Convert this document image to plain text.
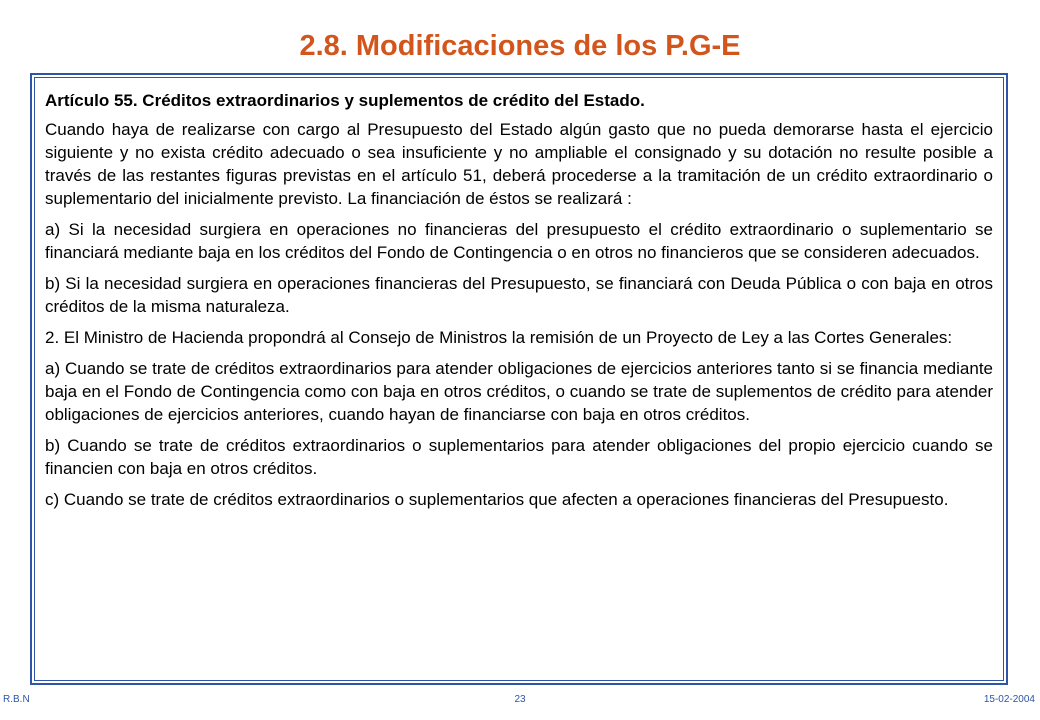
2.8. Modificaciones de los P.G-E

Artículo 55. Créditos extraordinarios y suplementos de crédito del Estado.

Cuando haya de realizarse con cargo al Presupuesto del Estado algún gasto que no pueda demorarse hasta el ejercicio siguiente y no exista crédito adecuado o sea insuficiente y no ampliable el consignado y su dotación no resulte posible a través de las restantes figuras previstas en el artículo 51, deberá procederse a la tramitación de un crédito extraordinario o suplementario del inicialmente previsto. La financiación de éstos se realizará :

a) Si la necesidad surgiera en operaciones no financieras del presupuesto el crédito extraordinario o suplementario se financiará mediante baja en los créditos del Fondo de Contingencia o en otros no financieros que se consideren adecuados.

b) Si la necesidad surgiera en operaciones financieras del Presupuesto, se financiará con Deuda Pública o con baja en otros créditos de la misma naturaleza.

2. El Ministro de Hacienda propondrá al Consejo de Ministros la remisión de un Proyecto de Ley a las Cortes Generales:

a) Cuando se trate de créditos extraordinarios para atender obligaciones de ejercicios anteriores tanto si se financia mediante baja en el Fondo de Contingencia como con baja en otros créditos, o cuando se trate de suplementos de crédito para atender obligaciones de ejercicios anteriores, cuando hayan de financiarse con baja en otros créditos.

b) Cuando se trate de créditos extraordinarios o suplementarios para atender obligaciones del propio ejercicio cuando se financien con baja en otros créditos.

c) Cuando se trate de créditos extraordinarios o suplementarios que afecten a operaciones financieras del Presupuesto.

R.B.N	23	15-02-2004
